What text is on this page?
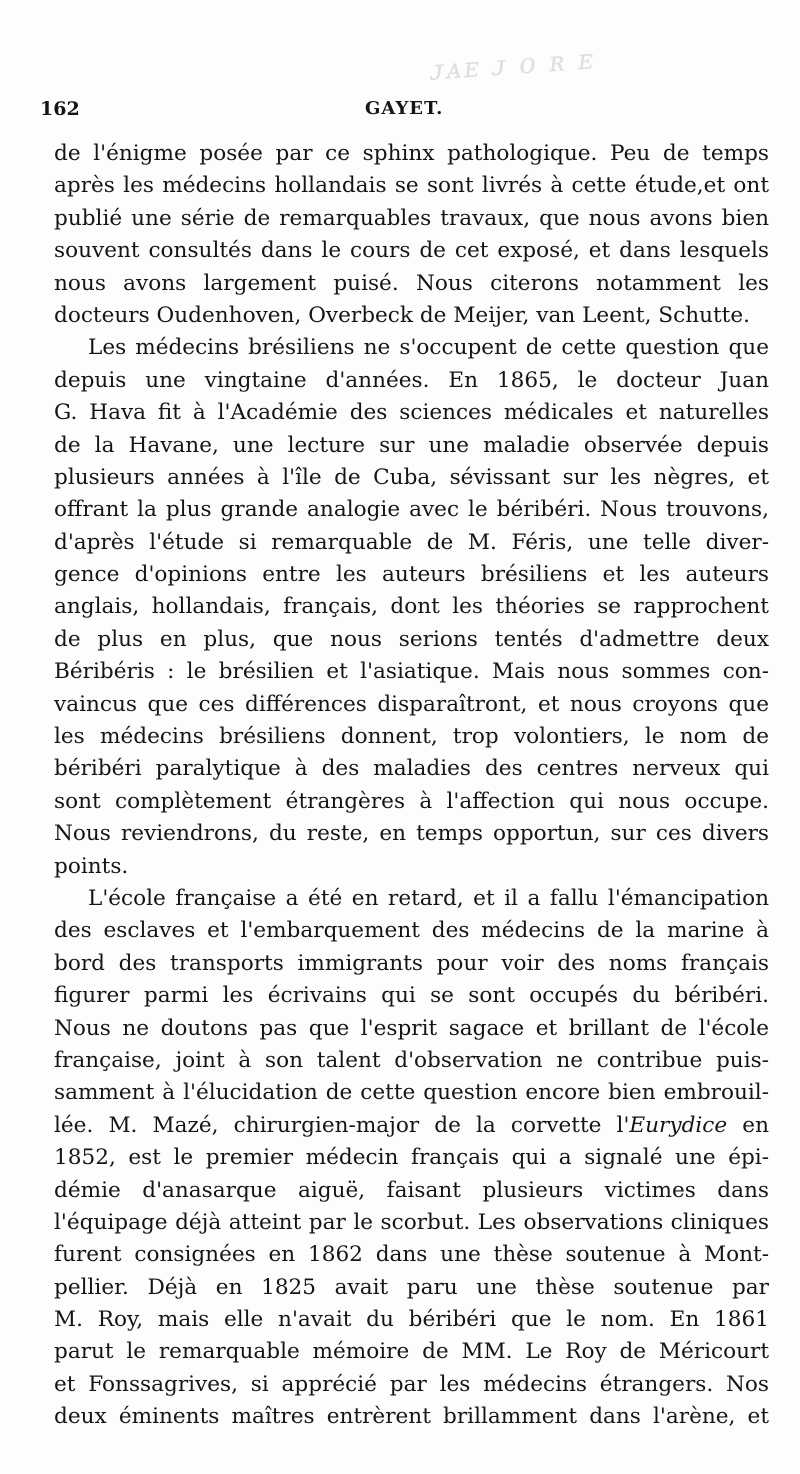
ᴊᴀᴇ ᴊ ᴏ ʀ ᴇ
162	GAYET.
de l'énigme posée par ce sphinx pathologique. Peu de temps
après les médecins hollandais se sont livrés à cette étude,et ont
publié une série de remarquables travaux, que nous avons bien
souvent consultés dans le cours de cet exposé, et dans lesquels
nous avons largement puisé. Nous citerons notamment les
docteurs Oudenhoven, Overbeck de Meijer, van Leent, Schutte.
Les médecins brésiliens ne s'occupent de cette question que
depuis une vingtaine d'années. En 1865, le docteur Juan
G. Hava fit à l'Académie des sciences médicales et naturelles
de la Havane, une lecture sur une maladie observée depuis
plusieurs années à l'île de Cuba, sévissant sur les nègres, et
offrant la plus grande analogie avec le béribéri. Nous trouvons,
d'après l'étude si remarquable de M. Féris, une telle diver-
gence d'opinions entre les auteurs brésiliens et les auteurs
anglais, hollandais, français, dont les théories se rapprochent
de plus en plus, que nous serions tentés d'admettre deux
Béribéris : le brésilien et l'asiatique. Mais nous sommes con-
vaincus que ces différences disparaîtront, et nous croyons que
les médecins brésiliens donnent, trop volontiers, le nom de
béribéri paralytique à des maladies des centres nerveux qui
sont complètement étrangères à l'affection qui nous occupe.
Nous reviendrons, du reste, en temps opportun, sur ces divers
points.
L'école française a été en retard, et il a fallu l'émancipation
des esclaves et l'embarquement des médecins de la marine à
bord des transports immigrants pour voir des noms français
figurer parmi les écrivains qui se sont occupés du béribéri.
Nous ne doutons pas que l'esprit sagace et brillant de l'école
française, joint à son talent d'observation ne contribue puis-
samment à l'élucidation de cette question encore bien embrouil-
lée. M. Mazé, chirurgien-major de la corvette l'Eurydice en
1852, est le premier médecin français qui a signalé une épi-
démie d'anasarque aiguë, faisant plusieurs victimes dans
l'équipage déjà atteint par le scorbut. Les observations cliniques
furent consignées en 1862 dans une thèse soutenue à Mont-
pellier. Déjà en 1825 avait paru une thèse soutenue par
M. Roy, mais elle n'avait du béribéri que le nom. En 1861
parut le remarquable mémoire de MM. Le Roy de Méricourt
et Fonssagrives, si apprécié par les médecins étrangers. Nos
deux éminents maîtres entrèrent brillamment dans l'arène, et
